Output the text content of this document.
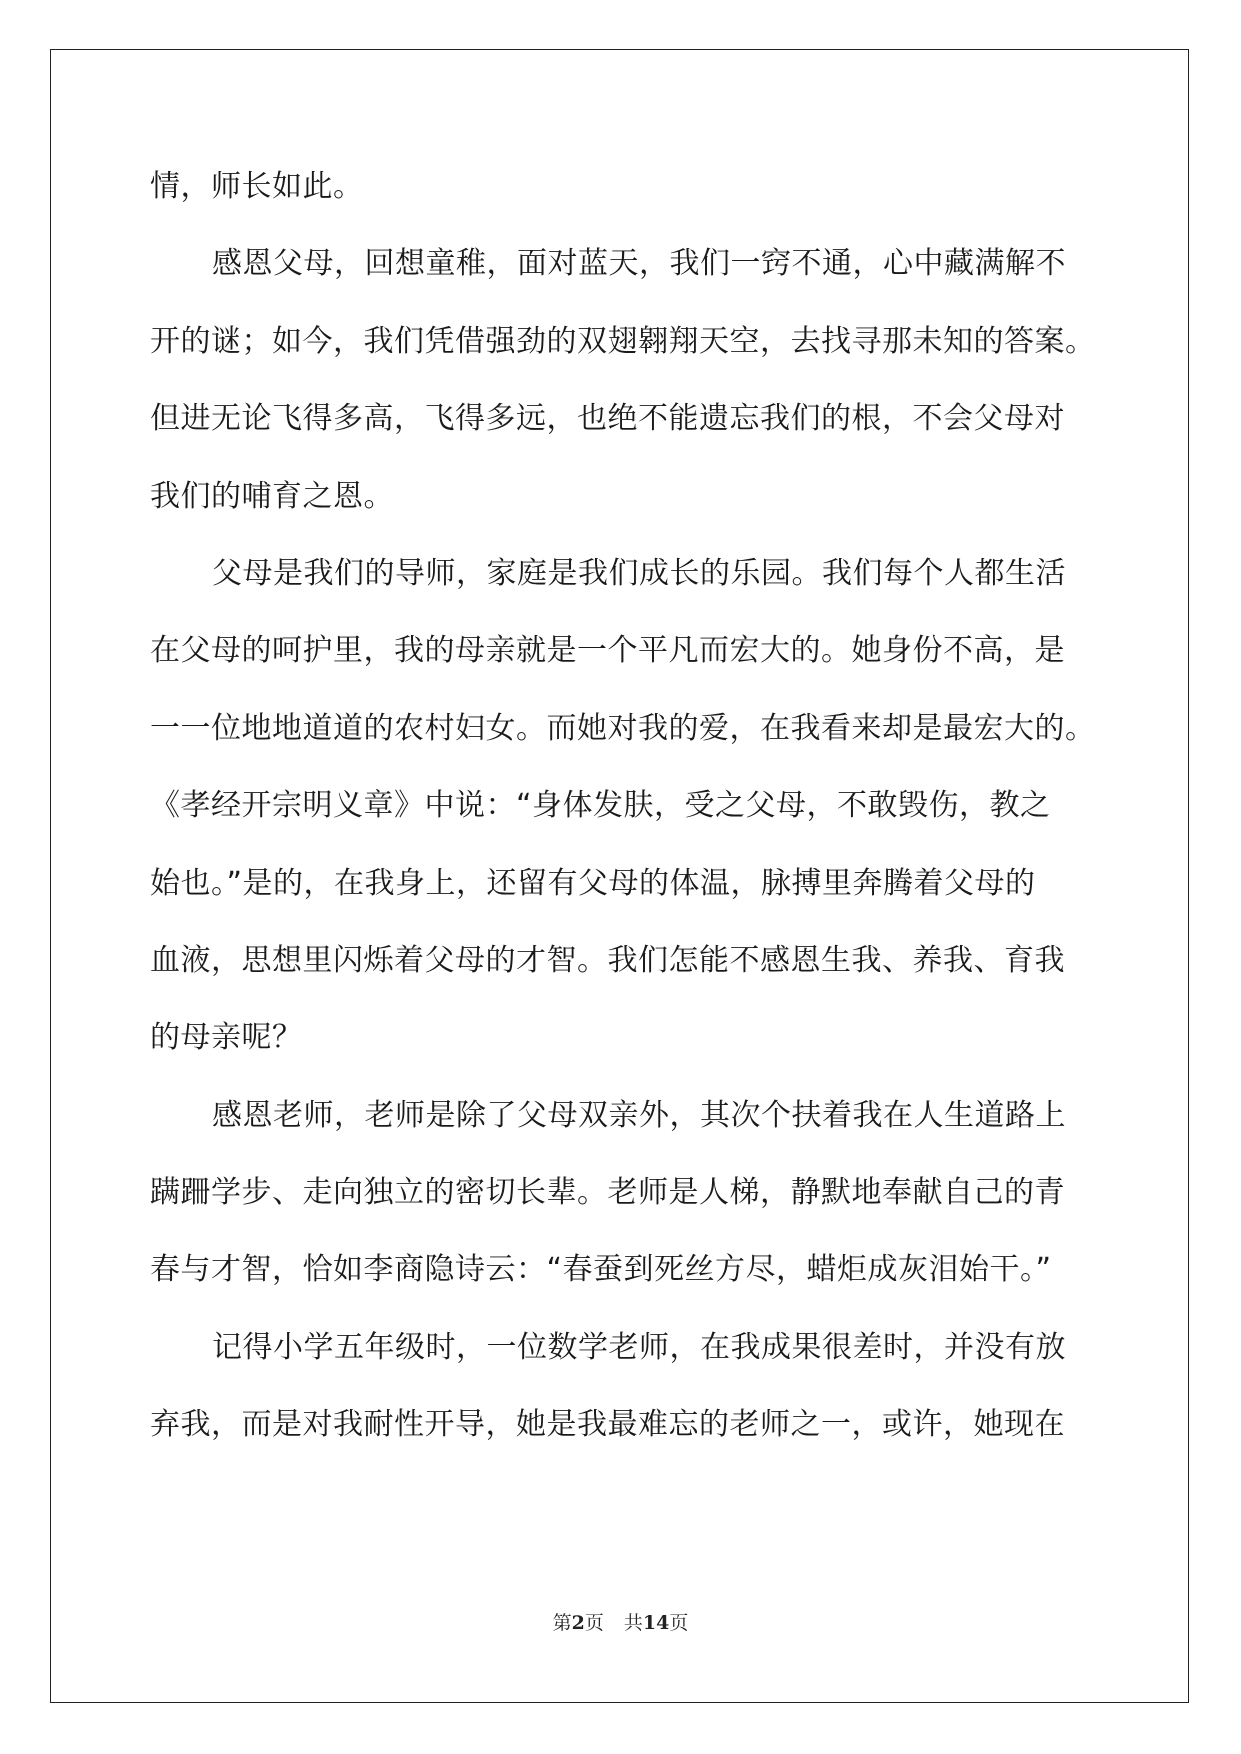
情，师长如此。
感恩父母，回想童稚，面对蓝天，我们一窍不通，心中藏满解不
开的谜；如今，我们凭借强劲的双翅翱翔天空，去找寻那未知的答案。
但进无论飞得多高，飞得多远，也绝不能遗忘我们的根，不会父母对
我们的哺育之恩。
父母是我们的导师，家庭是我们成长的乐园。我们每个人都生活
在父母的呵护里，我的母亲就是一个平凡而宏大的。她身份不高，是
一一位地地道道的农村妇女。而她对我的爱，在我看来却是最宏大的。
《孝经开宗明义章》中说：“身体发肤，受之父母，不敢毁伤，教之
始也。”是的，在我身上，还留有父母的体温，脉搏里奔腾着父母的
血液，思想里闪烁着父母的才智。我们怎能不感恩生我、养我、育我
的母亲呢？
感恩老师，老师是除了父母双亲外，其次个扶着我在人生道路上
蹒跚学步、走向独立的密切长辈。老师是人梯，静默地奉献自己的青
春与才智，恰如李商隐诗云：“春蚕到死丝方尽，蜡炬成灰泪始干。”
记得小学五年级时，一位数学老师，在我成果很差时，并没有放
弃我，而是对我耐性开导，她是我最难忘的老师之一，或许，她现在
第2页 共14页
